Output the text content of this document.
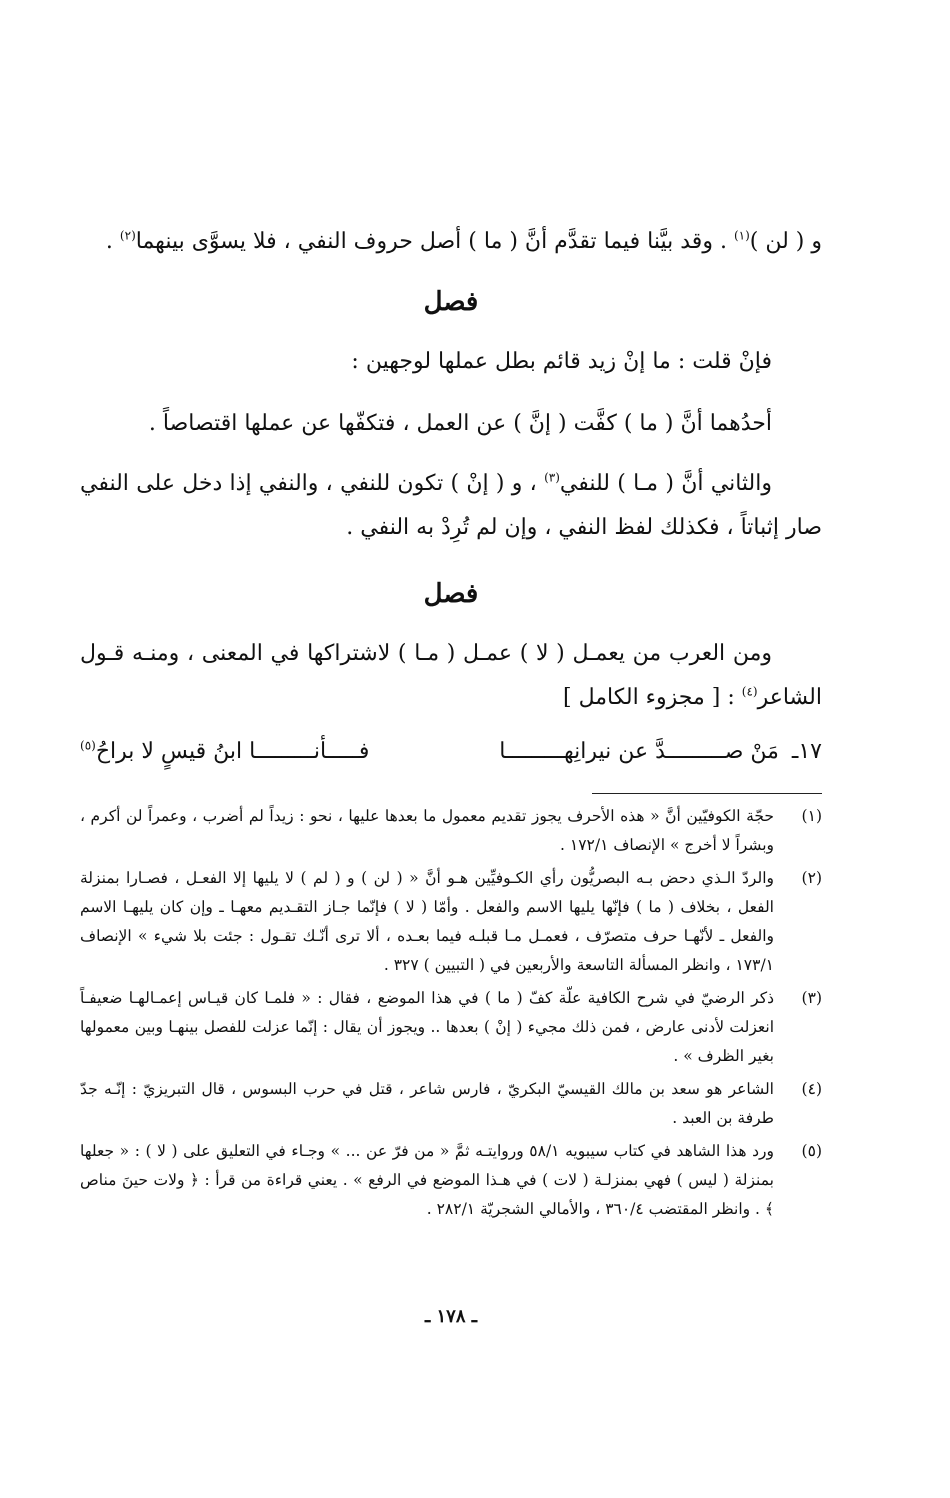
و ( لن )$^{(١)}$ . وقد بيَّنا فيما تقدَّم أنَّ ( ما ) أصل حروف النفي ، فلا يسوَّى بينهما$^{(٢)}$ .
فصل
فإنْ قلت : ما إنْ زيد قائم بطل عملها لوجهين :
أحدُهما أنَّ ( ما ) كفَّت ( إنَّ ) عن العمل ، فتكفّها عن عملها اقتصاصاً .
والثاني أنَّ ( مـا ) للنفي$^{(٣)}$ ، و ( إنْ ) تكون للنفي ، والنفي إذا دخل على النفي صار إثباتاً ، فكذلك لفظ النفي ، وإن لم تُرِدْ به النفي .
فصل
ومن العرب من يعمـل ( لا ) عمـل ( مـا ) لاشتراكها في المعنى ، ومنـه قـول الشاعر$^{(٤)}$ : [ مجزوء الكامل ]
١٧ـ مَنْ صـــــــــدَّ عن نيرانِهـــــــــا
فـــــأنـــــــــا ابنُ قيسٍ لا براحُ$^{(٥)}$
(١)
حجّة الكوفيّين أنَّ « هذه الأحرف يجوز تقديم معمول ما بعدها عليها ، نحو : زيداً لم أضرب ، وعمراً لن أكرم ، وبشراً لا أخرج » الإنصاف ١٧٢/١ .
(٢)
والردّ الـذي دحض بـه البصريُّون رأي الكـوفيِّين هـو أنَّ « ( لن ) و ( لم ) لا يليها إلا الفعـل ، فصـارا بمنزلة الفعل ، بخلاف ( ما ) فإنّها يليها الاسم والفعل . وأمّا ( لا ) فإنّما جـاز التقـديم معهـا ـ وإن كان يليهـا الاسم والفعل ـ لأنّهـا حرف متصرّف ، فعمـل مـا قبلـه فيما بعـده ، ألا ترى أنّـك تقـول : جئت بلا شيء » الإنصاف ١٧٣/١ ، وانظر المسألة التاسعة والأربعين في ( التبيين ) ٣٢٧ .
(٣)
ذكر الرضيّ في شرح الكافية علّة كفّ ( ما ) في هذا الموضع ، فقال : « فلمـا كان قيـاس إعمـالهـا ضعيفـاً انعزلت لأدنى عارض ، فمن ذلك مجيء ( إنْ ) بعدها .. ويجوز أن يقال : إنّما عزلت للفصل بينهـا وبين معمولها بغير الظرف » .
(٤)
الشاعر هو سعد بن مالك القيسيّ البكريّ ، فارس شاعر ، قتل في حرب البسوس ، قال التبريزيّ : إنّـه جدّ طرفة بن العبد .
(٥)
ورد هذا الشاهد في كتاب سيبويه ٥٨/١ وروايتـه ثمَّ « من فرّ عن ... » وجـاء في التعليق على ( لا ) : « جعلها بمنزلة ( ليس ) فهي بمنزلـة ( لات ) في هـذا الموضع في الرفع » . يعني قراءة من قرأ : ﴿ ولات حينَ مناص ﴾ . وانظر المقتضب ٣٦٠/٤ ، والأمالي الشجريّة ٢٨٢/١ .
ـ ١٧٨ ـ
